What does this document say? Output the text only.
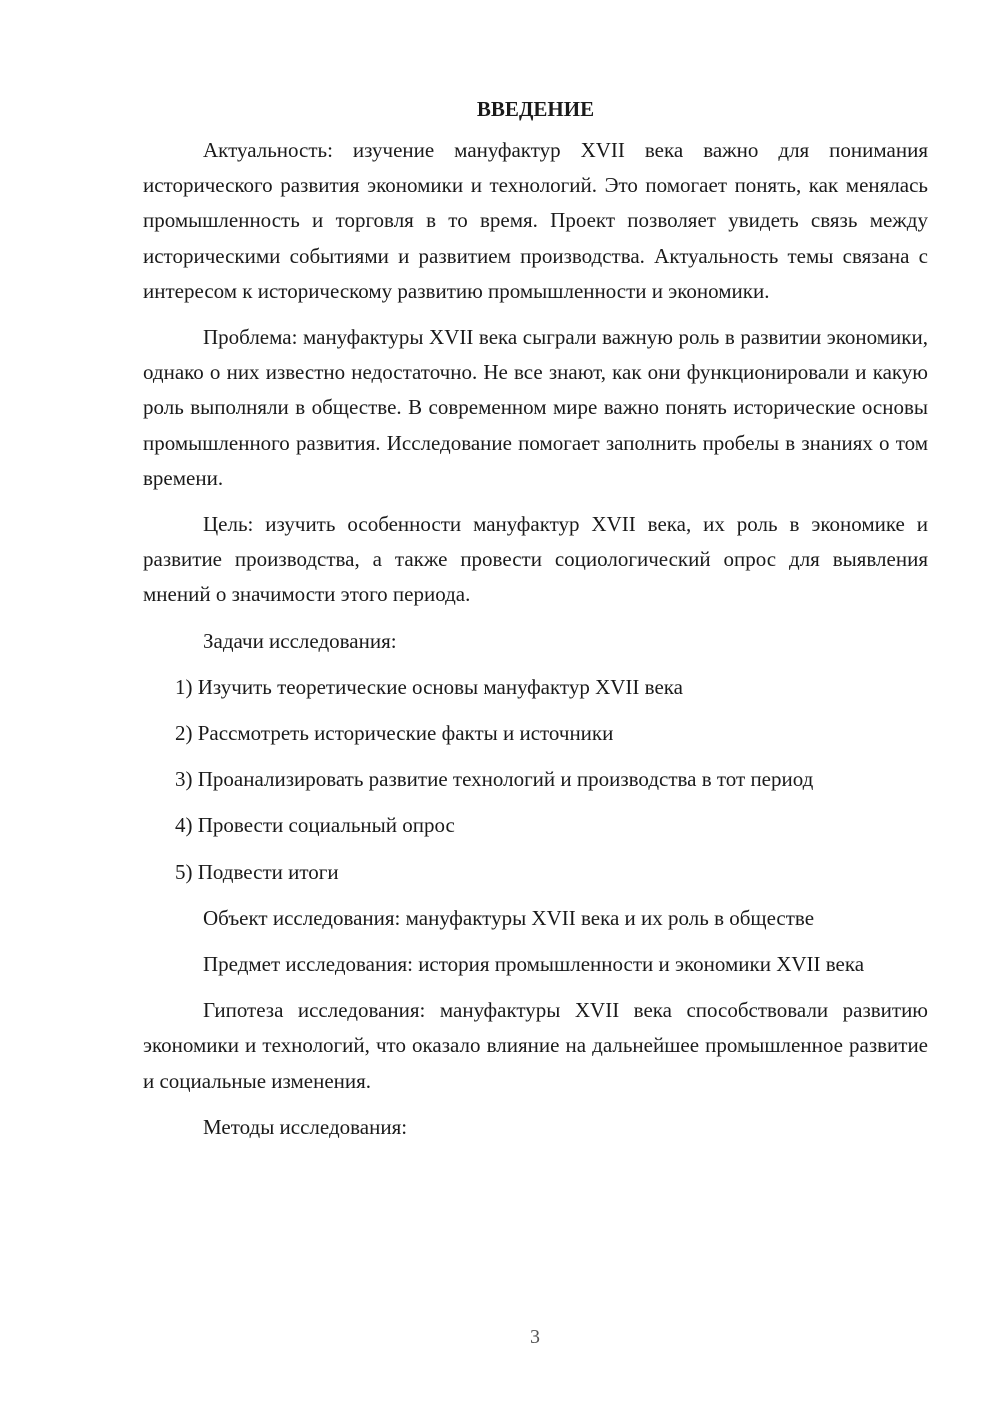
ВВЕДЕНИЕ

Актуальность: изучение мануфактур XVII века важно для понимания исторического развития экономики и технологий. Это помогает понять, как менялась промышленность и торговля в то время. Проект позволяет увидеть связь между историческими событиями и развитием производства. Актуальность темы связана с интересом к историческому развитию промышленности и экономики.

Проблема: мануфактуры XVII века сыграли важную роль в развитии экономики, однако о них известно недостаточно. Не все знают, как они функционировали и какую роль выполняли в обществе. В современном мире важно понять исторические основы промышленного развития. Исследование помогает заполнить пробелы в знаниях о том времени.

Цель: изучить особенности мануфактур XVII века, их роль в экономике и развитие производства, а также провести социологический опрос для выявления мнений о значимости этого периода.

Задачи исследования:

1) Изучить теоретические основы мануфактур XVII века

2) Рассмотреть исторические факты и источники

3) Проанализировать развитие технологий и производства в тот период

4) Провести социальный опрос

5) Подвести итоги

Объект исследования: мануфактуры XVII века и их роль в обществе

Предмет исследования: история промышленности и экономики XVII века

Гипотеза исследования: мануфактуры XVII века способствовали развитию экономики и технологий, что оказало влияние на дальнейшее промышленное развитие и социальные изменения.

Методы исследования:

3
